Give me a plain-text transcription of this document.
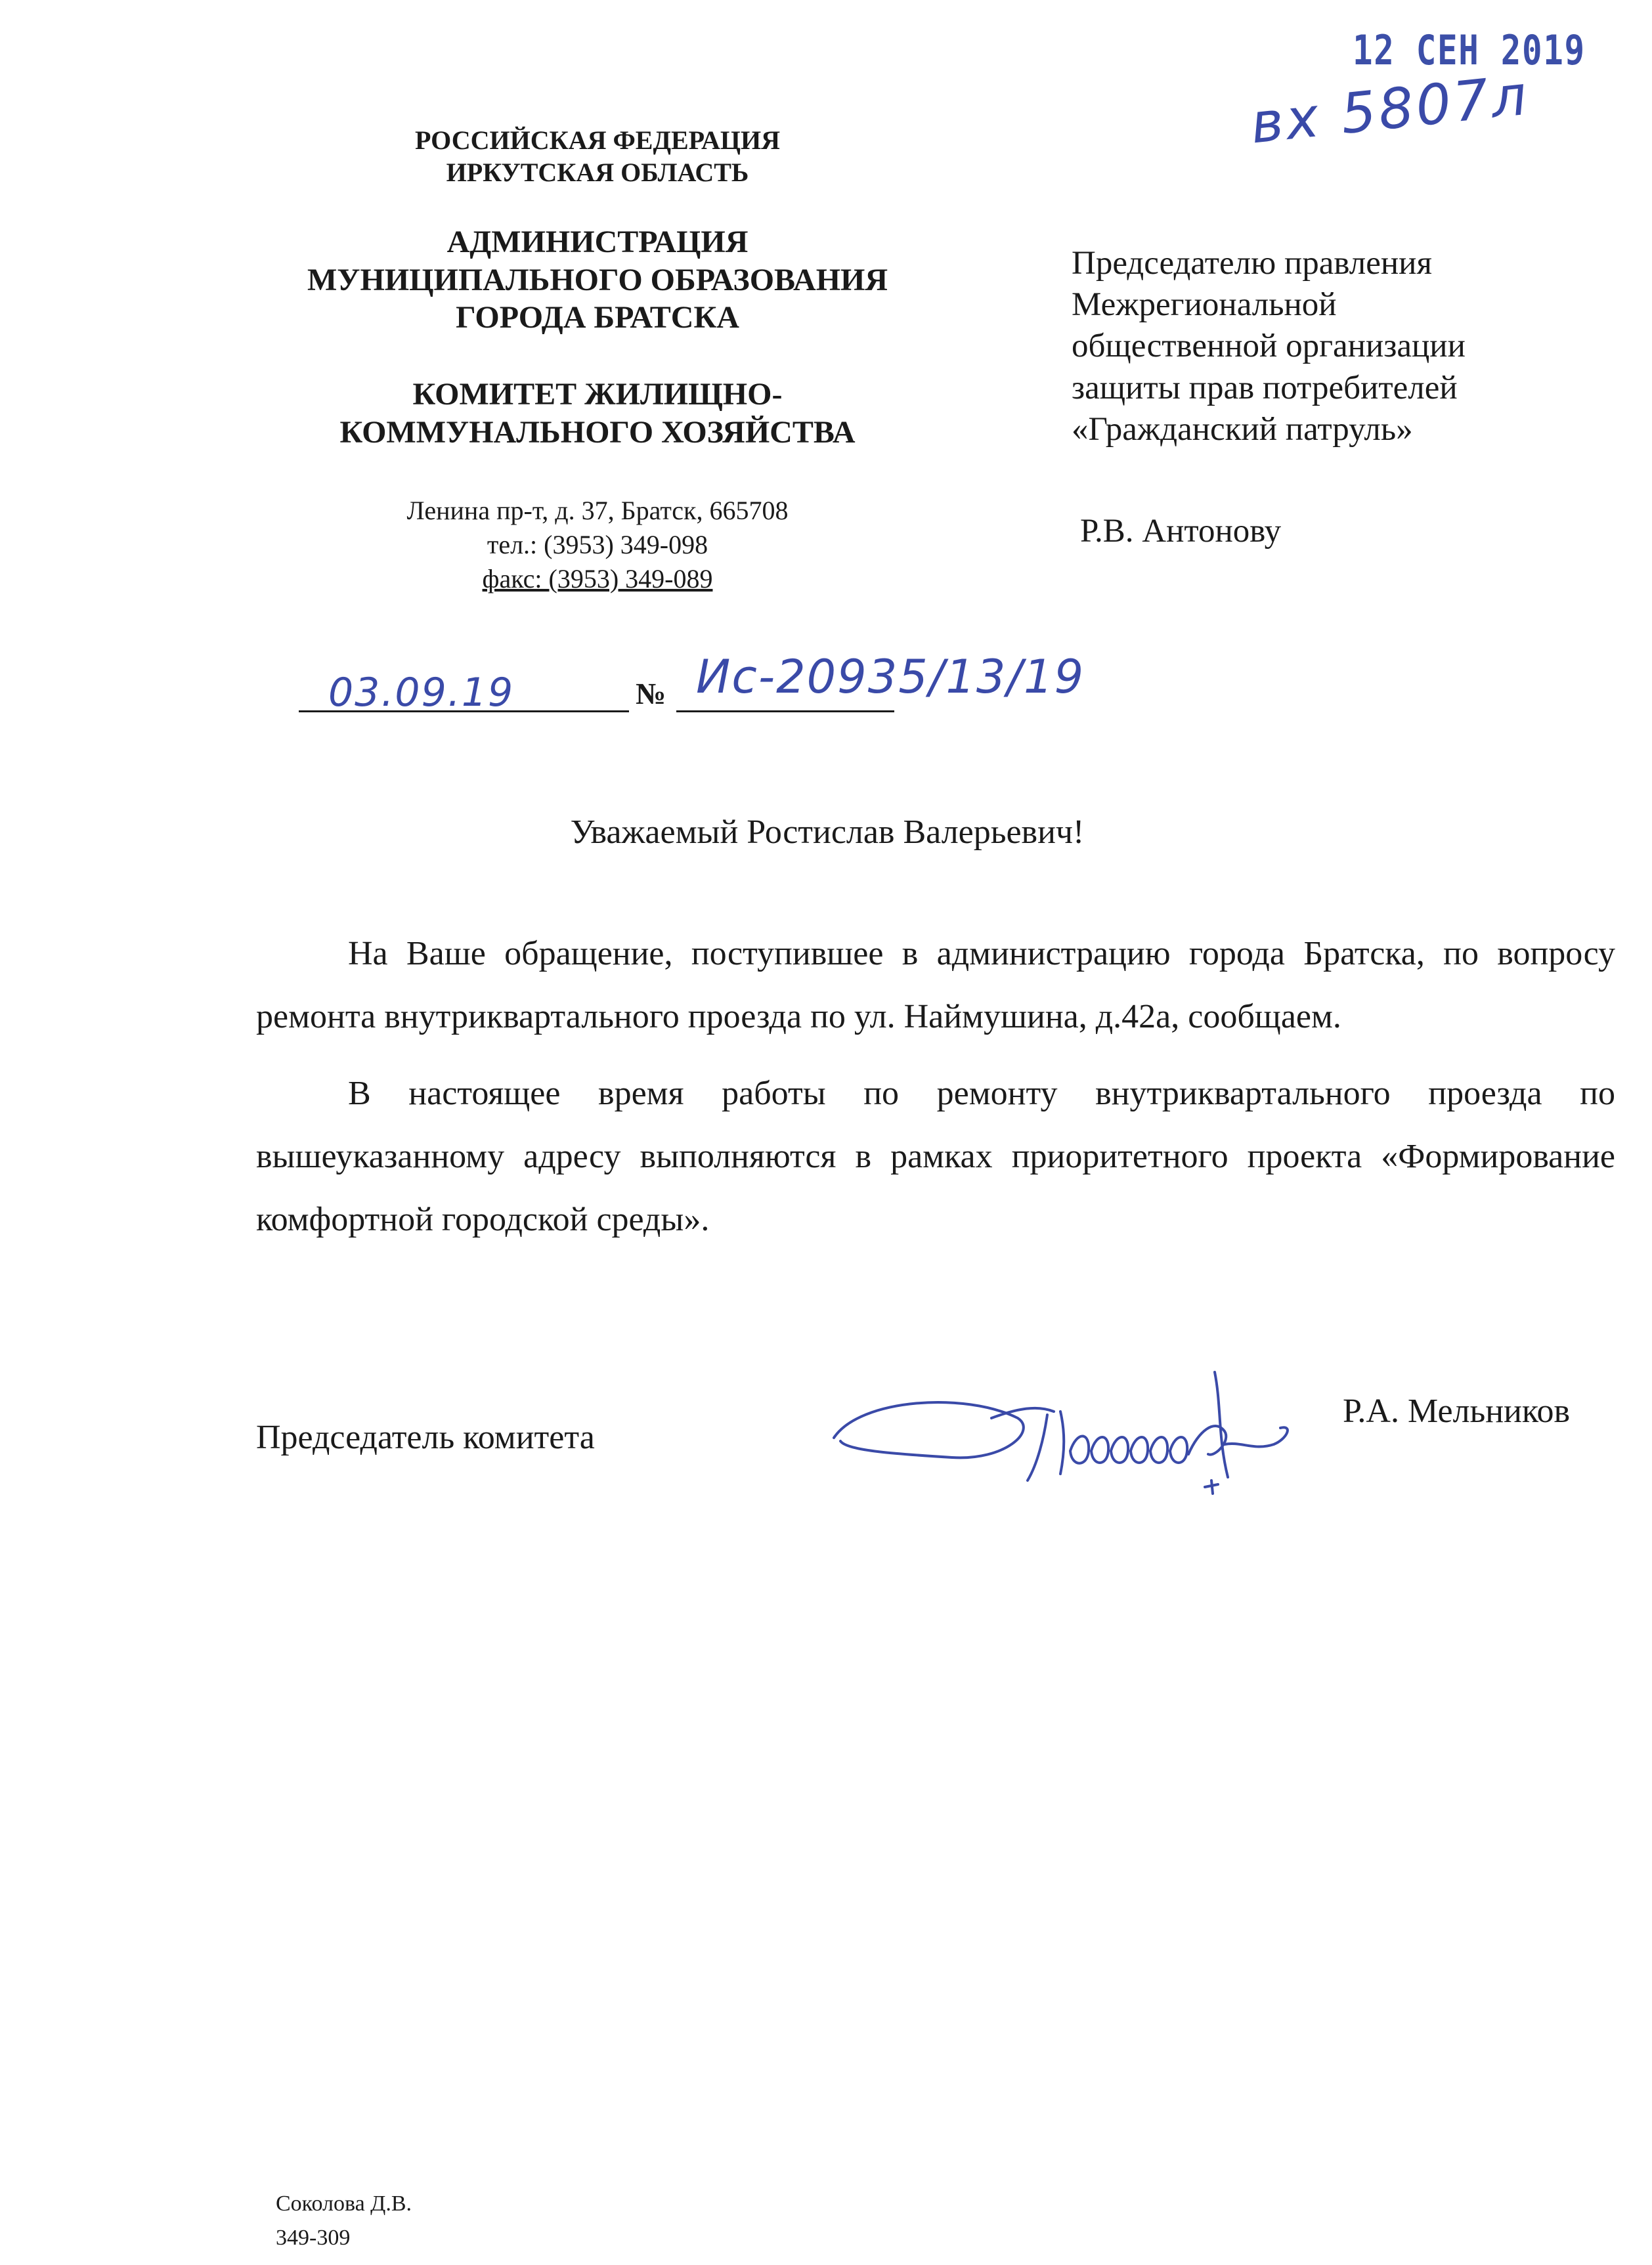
12 СЕН 2019
вх 5807л
РОССИЙСКАЯ ФЕДЕРАЦИЯ
ИРКУТСКАЯ ОБЛАСТЬ
АДМИНИСТРАЦИЯ
МУНИЦИПАЛЬНОГО ОБРАЗОВАНИЯ
ГОРОДА БРАТСКА
КОМИТЕТ ЖИЛИЩНО-
КОММУНАЛЬНОГО ХОЗЯЙСТВА
Ленина пр-т, д. 37, Братск, 665708
тел.: (3953) 349-098
факс: (3953) 349-089
Председателю правления
Межрегиональной
общественной организации
защиты прав потребителей
«Гражданский патруль»
Р.В. Антонову
03.09.19	№ Ис-20935/13/19
Уважаемый Ростислав Валерьевич!

На Ваше обращение, поступившее в администрацию города Братска, по вопросу ремонта внутриквартального проезда по ул. Наймушина, д.42а, сообщаем.

В настоящее время работы по ремонту внутриквартального проезда по вышеуказанному адресу выполняются в рамках приоритетного проекта «Формирование комфортной городской среды».

Председатель комитета
Р.А. Мельников
Соколова Д.В.
349-309
